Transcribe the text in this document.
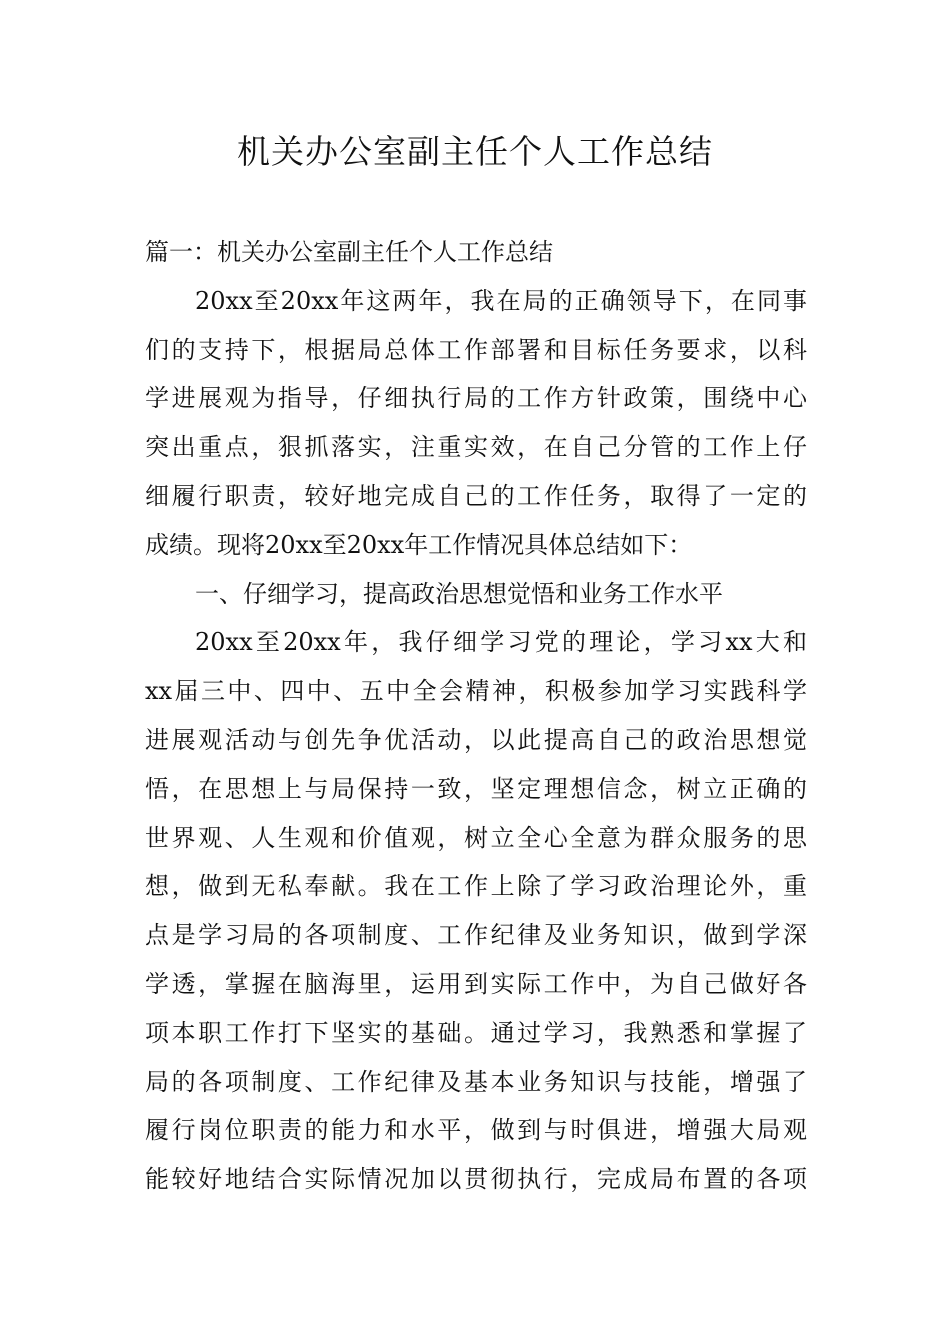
机关办公室副主任个人工作总结
篇一：机关办公室副主任个人工作总结
20xx至20xx年这两年，我在局的正确领导下，在同事
们的支持下，根据局总体工作部署和目标任务要求，以科
学进展观为指导，仔细执行局的工作方针政策，围绕中心
突出重点，狠抓落实，注重实效，在自己分管的工作上仔
细履行职责，较好地完成自己的工作任务，取得了一定的
成绩。现将20xx至20xx年工作情况具体总结如下：
一、仔细学习，提高政治思想觉悟和业务工作水平
20xx至20xx年，我仔细学习党的理论，学习xx大和
xx届三中、四中、五中全会精神，积极参加学习实践科学
进展观活动与创先争优活动，以此提高自己的政治思想觉
悟，在思想上与局保持一致，坚定理想信念，树立正确的
世界观、人生观和价值观，树立全心全意为群众服务的思
想，做到无私奉献。我在工作上除了学习政治理论外，重
点是学习局的各项制度、工作纪律及业务知识，做到学深
学透，掌握在脑海里，运用到实际工作中，为自己做好各
项本职工作打下坚实的基础。通过学习，我熟悉和掌握了
局的各项制度、工作纪律及基本业务知识与技能，增强了
履行岗位职责的能力和水平，做到与时俱进，增强大局观
能较好地结合实际情况加以贯彻执行，完成局布置的各项
